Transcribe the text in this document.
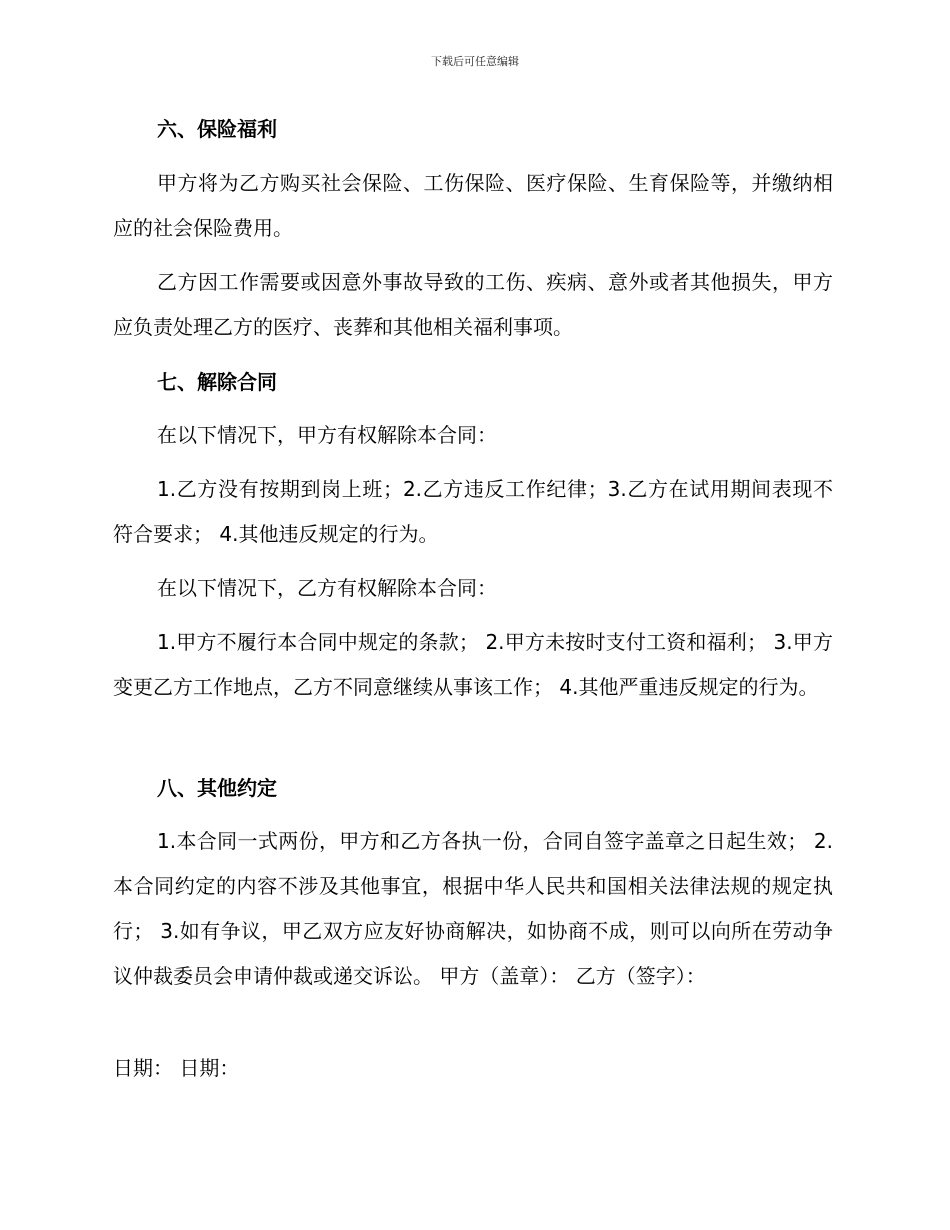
下载后可任意编辑
六、保险福利
甲方将为乙方购买社会保险、工伤保险、医疗保险、生育保险等，并缴纳相应的社会保险费用。
乙方因工作需要或因意外事故导致的工伤、疾病、意外或者其他损失，甲方应负责处理乙方的医疗、丧葬和其他相关福利事项。
七、解除合同
在以下情况下，甲方有权解除本合同：
1.乙方没有按期到岗上班；2.乙方违反工作纪律；3.乙方在试用期间表现不符合要求； 4.其他违反规定的行为。
在以下情况下，乙方有权解除本合同：
1.甲方不履行本合同中规定的条款； 2.甲方未按时支付工资和福利； 3.甲方变更乙方工作地点，乙方不同意继续从事该工作； 4.其他严重违反规定的行为。
八、其他约定
1.本合同一式两份，甲方和乙方各执一份，合同自签字盖章之日起生效； 2.本合同约定的内容不涉及其他事宜，根据中华人民共和国相关法律法规的规定执行； 3.如有争议，甲乙双方应友好协商解决，如协商不成，则可以向所在劳动争议仲裁委员会申请仲裁或递交诉讼。 甲方（盖章）： 乙方（签字）：
日期： 日期：
